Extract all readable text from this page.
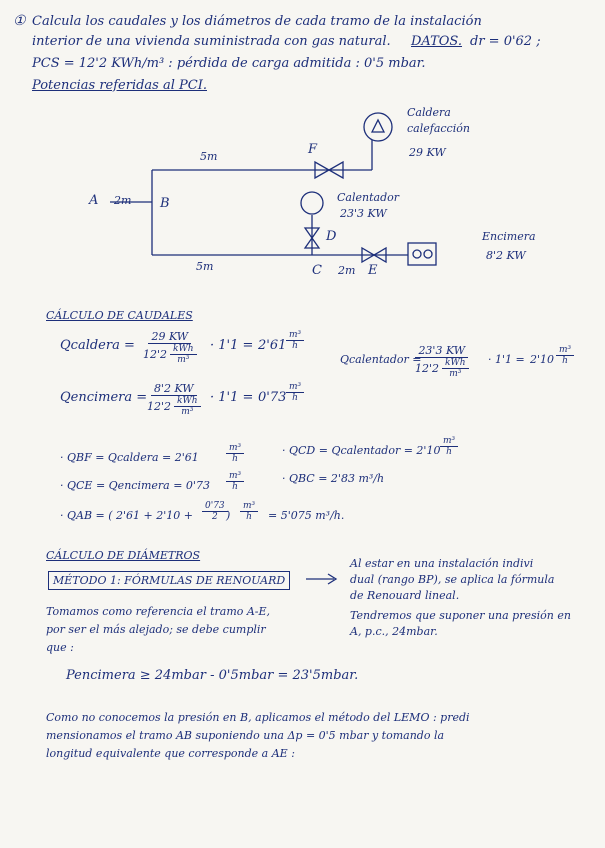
① Calcula los caudales y los diámetros de cada tramo de la instalación
interior de una vivienda suministrada con gas natural. DATOS. dr = 0'62 ;
PCS = 12'2 KWh/m³ : pérdida de carga admitida : 0'5 mbar.
Potencias referidas al PCI.
A 2m B
5m
5m
F
D
C 2m E
Caldera
calefacción
29 KW
Calentador
23'3 KW
Encimera
8'2 KW
CÁLCULO DE CAUDALES
Qcaldera =
29 KW
$12'2 \frac{\text{kWh}}{\text{m³}} \cdot 1'1 = 2'61 \frac{\text{m³}}{h}$
Qcalentador =
23'3 KW
$12'2 \frac{\text{kWh}}{\text{m³}} \cdot 1'1 = 2'10 \frac{\text{m³}}{h}$
Qencimera =
8'2 KW
$12'2 \frac{\text{kWh}}{\text{m³}} \cdot 1'1 = 0'73 \frac{\text{m³}}{h}$
· QBF = Qcaldera = 2'61	$\frac{\text{m³}}{h}$	· QCD = Qcalentador = $2'10 \frac{\text{m³}}{h}$
· QCE = Qencimera = $0'73 \frac{\text{m³}}{h}$	· QBC = 2'83 m³/h
· QAB = ( $2'61 + 2'10 + \frac{0'73}{2}$
) $\frac{\text{m³}}{h} = 5'075$ m³/h.
CÁLCULO DE DIÁMETROS
MÉTODO 1: FÓRMULAS DE RENOUARD
Al estar en una instalación indivi
dual (rango BP), se aplica la fórmula
de Renouard lineal.
Tendremos que suponer una presión en
A, p.c., 24mbar.
Tomamos como referencia el tramo A-E,
por ser el más alejado; se debe cumplir
que :
Pencimera ≥ 24mbar - 0'5mbar = 23'5mbar.
Como no conocemos la presión en B, aplicamos el método del LEMO : predi
mensionamos el tramo AB suponiendo una Δp = 0'5 mbar y tomando la
longitud equivalente que corresponde a AE :
